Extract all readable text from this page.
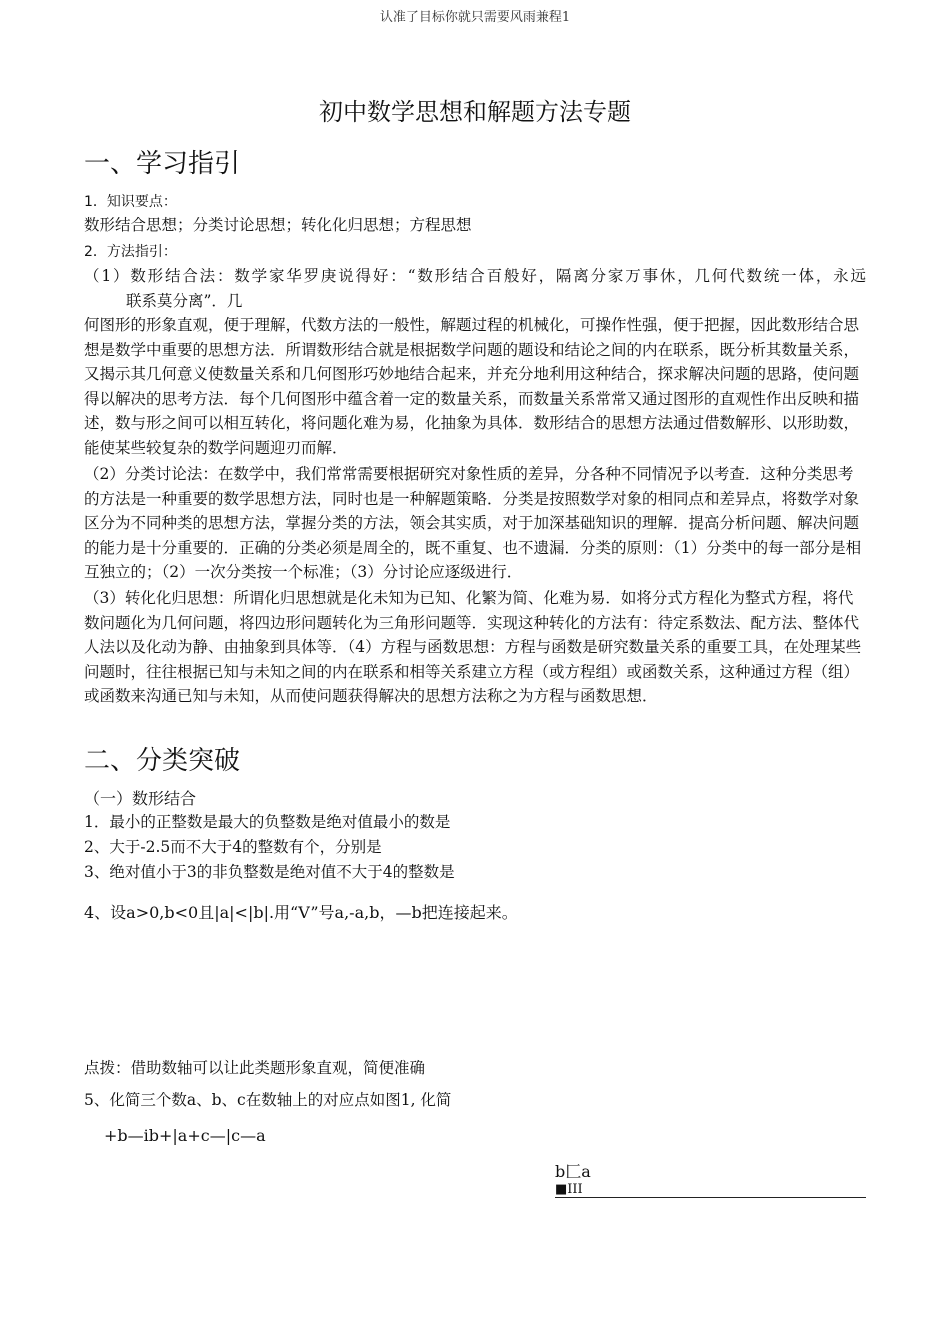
认准了目标你就只需要风雨兼程1
初中数学思想和解题方法专题
一、学习指引
1．知识要点：
数形结合思想；分类讨论思想；转化化归思想；方程思想
2．方法指引：
（1）数形结合法：数学家华罗庚说得好：“数形结合百般好，隔离分家万事休，几何代数统一体，永远
联系莫分离”．几
何图形的形象直观，便于理解，代数方法的一般性，解题过程的机械化，可操作性强，便于把握，因此数形结合思想是数学中重要的思想方法．所谓数形结合就是根据数学问题的题设和结论之间的内在联系，既分析其数量关系，又揭示其几何意义使数量关系和几何图形巧妙地结合起来，并充分地利用这种结合，探求解决问题的思路，使问题得以解决的思考方法．每个几何图形中蕴含着一定的数量关系，而数量关系常常又通过图形的直观性作出反映和描述，数与形之间可以相互转化，将问题化难为易，化抽象为具体．数形结合的思想方法通过借数解形、以形助数，能使某些较复杂的数学问题迎刃而解．
（2）分类讨论法：在数学中，我们常常需要根据研究对象性质的差异，分各种不同情况予以考查．这种分类思考的方法是一种重要的数学思想方法，同时也是一种解题策略．分类是按照数学对象的相同点和差异点，将数学对象区分为不同种类的思想方法，掌握分类的方法，领会其实质，对于加深基础知识的理解．提高分析问题、解决问题的能力是十分重要的．正确的分类必须是周全的，既不重复、也不遗漏．分类的原则：（1）分类中的每一部分是相互独立的；（2）一次分类按一个标准；（3）分讨论应逐级进行．
（3）转化化归思想：所谓化归思想就是化未知为已知、化繁为简、化难为易．如将分式方程化为整式方程，将代数问题化为几何问题，将四边形问题转化为三角形问题等．实现这种转化的方法有：待定系数法、配方法、整体代人法以及化动为静、由抽象到具体等．（4）方程与函数思想：方程与函数是研究数量关系的重要工具，在处理某些问题时，往往根据已知与未知之间的内在联系和相等关系建立方程（或方程组）或函数关系，这种通过方程（组）或函数来沟通已知与未知，从而使问题获得解决的思想方法称之为方程与函数思想．
二、分类突破
（一）数形结合
1．最小的正整数是最大的负整数是绝对值最小的数是
2、大于-2.5而不大于4的整数有个，分别是
3、绝对值小于3的非负整数是绝对值不大于4的整数是
4、设a>0,b<0且|a|<|b|.用“V”号a,-a,b，—b把连接起来。
点拨：借助数轴可以让此类题形象直观，简便准确
5、化简三个数a、b、c在数轴上的对应点如图1, 化简
+b—ib+|a+c—|c—a
b匚a
■III
